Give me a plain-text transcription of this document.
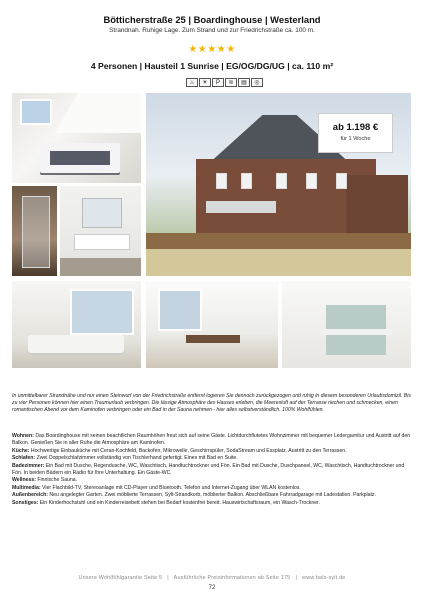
Bötticherstraße 25 | Boardinghouse | Westerland
Strandnah. Ruhige Lage. Zum Strand und zur Friedrichstraße ca. 100 m.
★★★★★
4 Personen | Hausteil 1 Sunrise | EG/OG/DG/UG | ca. 110 m²
♨	☀	P	≋	▤	◎
ab 1.198 €
für 1 Woche
In unmittelbarer Strandnähe und nur einen Steinwurf von der Friedrichstraße entfernt logieren Sie dennoch zurückgezogen und ruhig in diesem besonderen Urlaubsdomizil. Bis zu vier Personen können hier einen Traumurlaub verbringen. Die lässige Atmosphäre des Hauses erleben, die Meeresluft auf der Terrasse riechen und schmecken, einen romantischen Abend vor dem Kaminofen verbringen oder ein Bad in der Sauna nehmen - hier alles selbstverständlich. 100% Wohlfühlen.

Wohnen: Das Boardinghouse mit seinen beachtlichen Raumhöhen freut sich auf seine Gäste. Lichtdurchflutetes Wohnzimmer mit bequemer Ledergarnitur und Austritt auf den Balkon. Genießen Sie in aller Ruhe die Atmosphäre am Kaminofen.

Küche: Hochwertige Einbauküche mit Ceran-Kochfeld, Backofen, Mikrowelle, Geschirrspüler, SodaStream und Essplatz. Austritt zu den Terrassen.

Schlafen: Zwei Doppelschlafzimmer vollständig von Tischlerhand gefertigt. Eines mit Bad en Suite.

Badezimmer: Ein Bad mit Dusche, Regendusche, WC, Waschtisch, Handtuchtrockner und Fön. Ein Bad mit Dusche, Duschpaneel, WC, Waschtisch, Handtuchtrockner und Fön. In beiden Bädern ein Radio für Ihre Unterhaltung. Ein Gäste-WC.

Wellness: Finnische Sauna.

Multimedia: Vier Flachbild-TV, Stereoanlage mit CD-Player und Bluetooth. Telefon und Internet-Zugang über WLAN kostenlos.

Außenbereich: Neu angelegter Garten. Zwei möblierte Terrassen, Sylt-Strandkorb, möblierter Balkon. Abschließbare Fahrradgarage mit Ladestation. Parkplatz.

Sonstiges: Ein Kinderhochstuhl und ein Kinderreisebett stehen bei Bedarf kostenfrei bereit. Hauswirtschaftsraum, ein Wasch-Trockner.

Unsere Wohlfühlgarantie Seite 5   |   Ausführliche Preisinformationen ab Seite 175   |   www.bals-sylt.de
72
